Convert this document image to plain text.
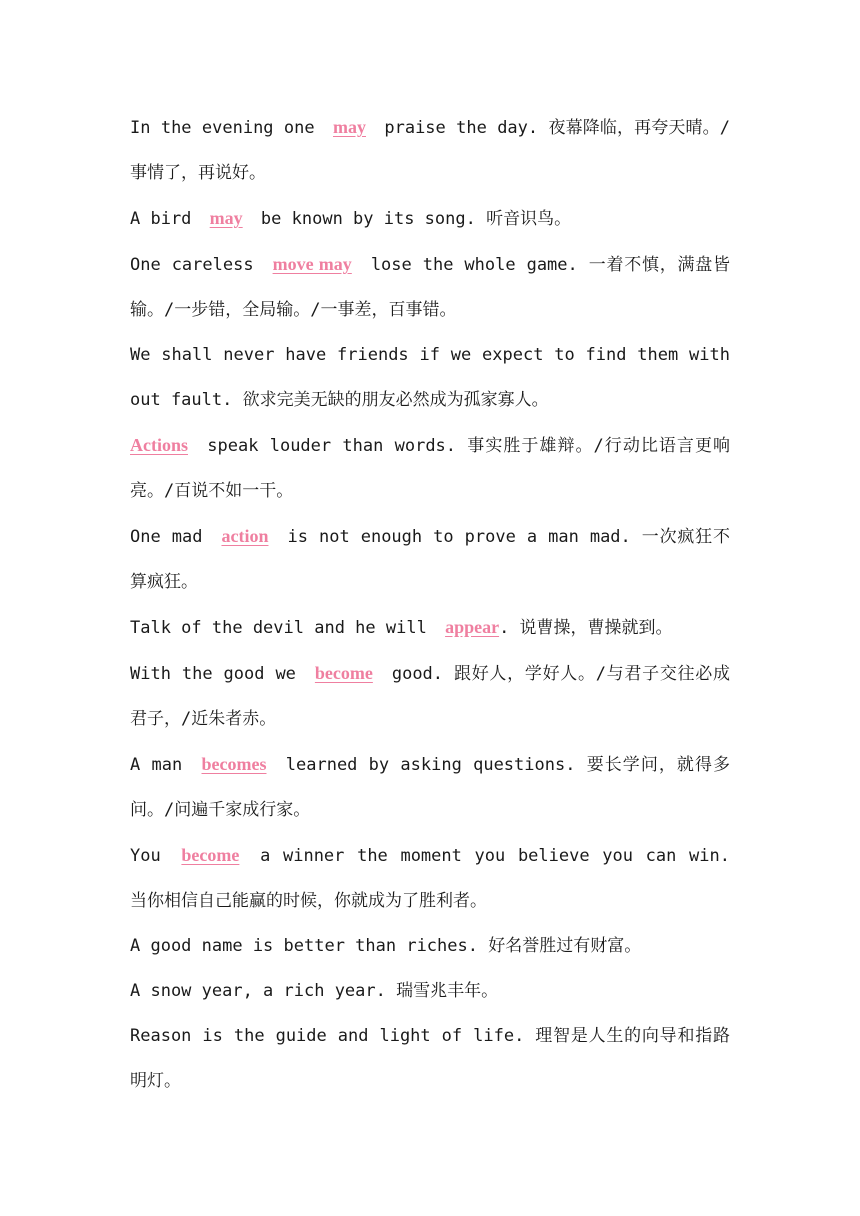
In the evening one may praise the day. 夜幕降临，再夸天晴。/事情了，再说好。

A bird may be known by its song. 听音识鸟。

One careless move may lose the whole game. 一着不慎，满盘皆输。/一步错，全局输。/一事差，百事错。

We shall never have friends if we expect to find them without fault. 欲求完美无缺的朋友必然成为孤家寡人。

Actions speak louder than words. 事实胜于雄辩。/行动比语言更响亮。/百说不如一干。

One mad action is not enough to prove a man mad. 一次疯狂不算疯狂。

Talk of the devil and he will appear. 说曹操，曹操就到。

With the good we become good. 跟好人，学好人。/与君子交往必成君子，/近朱者赤。

A man becomes learned by asking questions. 要长学问，就得多问。/问遍千家成行家。

You become a winner the moment you believe you can win. 当你相信自己能赢的时候，你就成为了胜利者。

A good name is better than riches. 好名誉胜过有财富。

A snow year, a rich year. 瑞雪兆丰年。

Reason is the guide and light of life. 理智是人生的向导和指路明灯。
